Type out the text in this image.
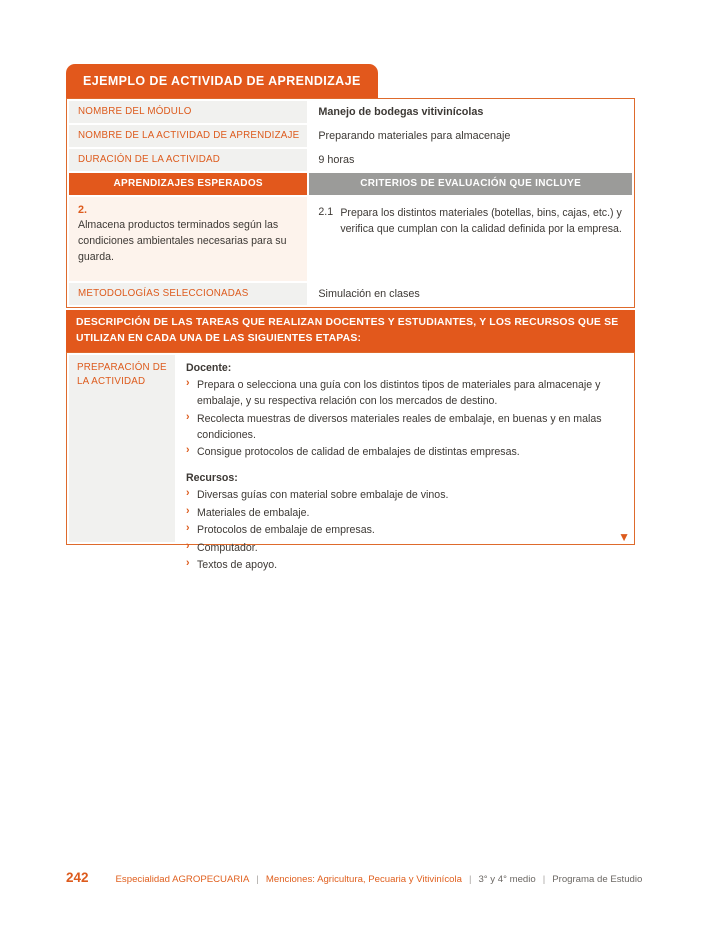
EJEMPLO DE ACTIVIDAD DE APRENDIZAJE
NOMBRE DEL MÓDULO	Manejo de bodegas vitivinícolas
NOMBRE DE LA ACTIVIDAD DE APRENDIZAJE	Preparando materiales para almacenaje
DURACIÓN DE LA ACTIVIDAD	9 horas
APRENDIZAJES ESPERADOS	CRITERIOS DE EVALUACIÓN QUE INCLUYE

2.
Almacena productos terminados según las condiciones ambientales necesarias para su guarda.

2.1 Prepara los distintos materiales (botellas, bins, cajas, etc.) y verifica que cumplan con la calidad definida por la empresa.

METODOLOGÍAS SELECCIONADAS	Simulación en clases
DESCRIPCIÓN DE LAS TAREAS QUE REALIZAN DOCENTES Y ESTUDIANTES, Y LOS RECURSOS QUE SE UTILIZAN EN CADA UNA DE LAS SIGUIENTES ETAPAS:
PREPARACIÓN DE LA ACTIVIDAD
Docente:
› Prepara o selecciona una guía con los distintos tipos de materiales para almacenaje y embalaje, y su respectiva relación con los mercados de destino.
› Recolecta muestras de diversos materiales reales de embalaje, en buenas y en malas condiciones.
› Consigue protocolos de calidad de embalajes de distintas empresas.
Recursos:
› Diversas guías con material sobre embalaje de vinos.
› Materiales de embalaje.
› Protocolos de embalaje de empresas.
› Computador.
› Textos de apoyo.
▼
242	Especialidad AGROPECUARIA | Menciones: Agricultura, Pecuaria y Vitivinícola | 3° y 4° medio | Programa de Estudio
